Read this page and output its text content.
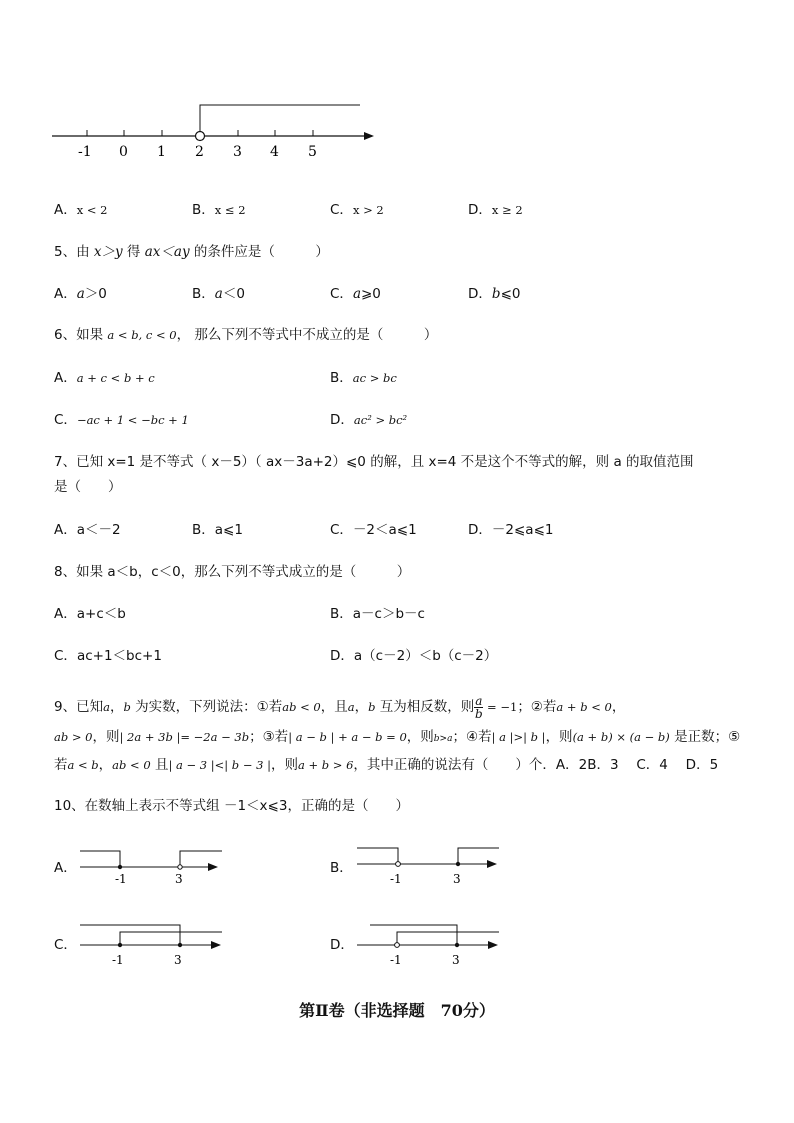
-1 0 1 2 3 4 5
A．x < 2	B．x ≤ 2	C．x > 2	D．x ≥ 2
5、由 x＞y 得 ax＜ay 的条件应是（　　　）
A．a＞0	B．a＜0	C．a⩾0	D．b⩽0
6、如果 a < b, c < 0， 那么下列不等式中不成立的是（　　　）
A．a + c < b + c	B．ac > bc
C．−ac + 1 < −bc + 1	D．ac² > bc²
7、已知 x=1 是不等式（ x－5）（ ax－3a+2）⩽0 的解，且 x=4 不是这个不等式的解，则 a 的取值范围
是（　　）
A．a＜－2	B．a⩽1	C．－2＜a⩽1	D．－2⩽a⩽1
8、如果 a＜b，c＜0，那么下列不等式成立的是（　　　）
A．a+c＜b	B．a－c＞b－c
C．ac+1＜bc+1	D．a（c－2）＜b（c－2）
9、已知a，b 为实数，下列说法：①若ab < 0，且a，b 互为相反数，则 $\frac{a}{b} = -1$；②若a + b < 0，
ab > 0，则| 2a + 3b |= −2a − 3b；③若| a − b | + a − b = 0，则b>a；④若| a |>| b |，则(a + b) × (a − b) 是正数；⑤
若a < b，ab < 0 且| a − 3 |<| b − 3 |，则a + b > 6，其中正确的说法有（　　）个．A．2B．3　 C．4　 D．5
10、在数轴上表示不等式组 －1＜x⩽3，正确的是（　　）
A．
-1	3
B．
-1	3
C．
-1	3
D．
-1	3
第Ⅱ卷（非选择题　70分）
